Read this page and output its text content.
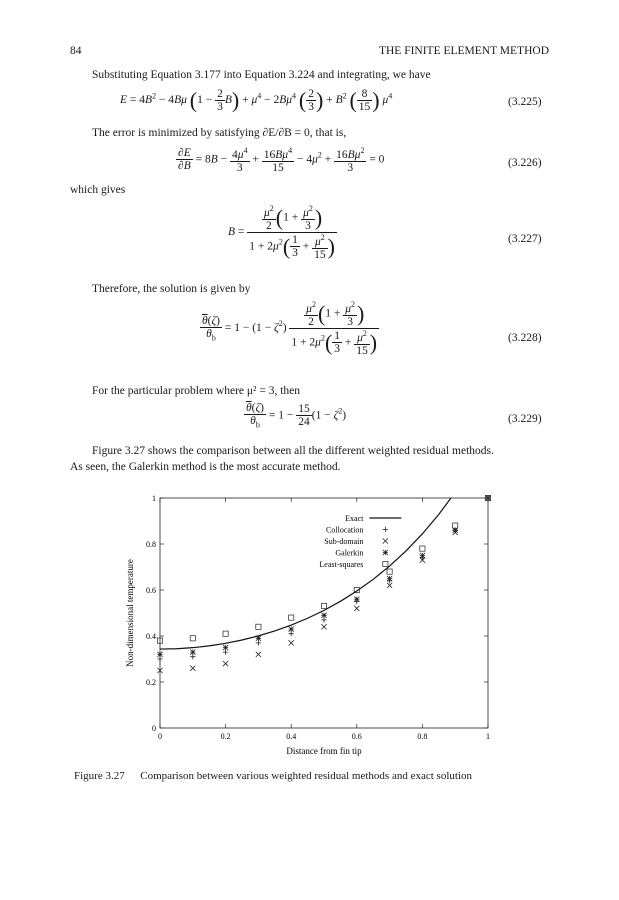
84	THE FINITE ELEMENT METHOD
Substituting Equation 3.177 into Equation 3.224 and integrating, we have
$E = 4B^2 - 4B\mu$ $(1 - \frac{2}{3} B) + \mu^4 - 2B\mu^4$ ( $\frac{2}{3}$ ) + $B^2$ ( $\frac{8}{15}$ ) $\mu^4$
(3.225)
The error is minimized by satisfying ∂E/∂B = 0, that is,
$\frac{\partial E}{\partial B} = 8B - \frac{4\mu^4}{3} + \frac{16B\mu^4}{15} - 4\mu^2 + \frac{16B\mu^2}{3} = 0$	(3.226)
which gives
$B = \frac{\frac{\mu^2}{2} (1 + \frac{\mu^2}{3} )}{1 + 2\mu^2( \frac{1}{3} + \frac{\mu^2}{15} )}$	(3.227)
Therefore, the solution is given by
$\frac{\overline{\theta}(\zeta)}{\theta_b} = 1 - (1 - \zeta^2) \frac{\frac{\mu^2}{2} (1 + \frac{\mu^2}{3} )}{1 + 2\mu^2( \frac{1}{3} + \frac{\mu^2}{15} )}$	(3.228)
For the particular problem where μ² = 3, then
$\frac{\overline{\theta}(\zeta)}{\theta_b} = 1 - \frac{15}{24} (1 - \zeta^2)$	(3.229)
Figure 3.27 shows the comparison between all the different weighted residual methods.
As seen, the Galerkin method is the most accurate method.
0	0.2	0.4	0.6	0.8	1
0
0.2
0.4
0.6
0.8
1
Exact
Collocation
Sub-domain
Galerkin
Least-squares
Distance from fin tip
Non-dimensional temperature
Figure 3.27 Comparison between various weighted residual methods and exact solution
